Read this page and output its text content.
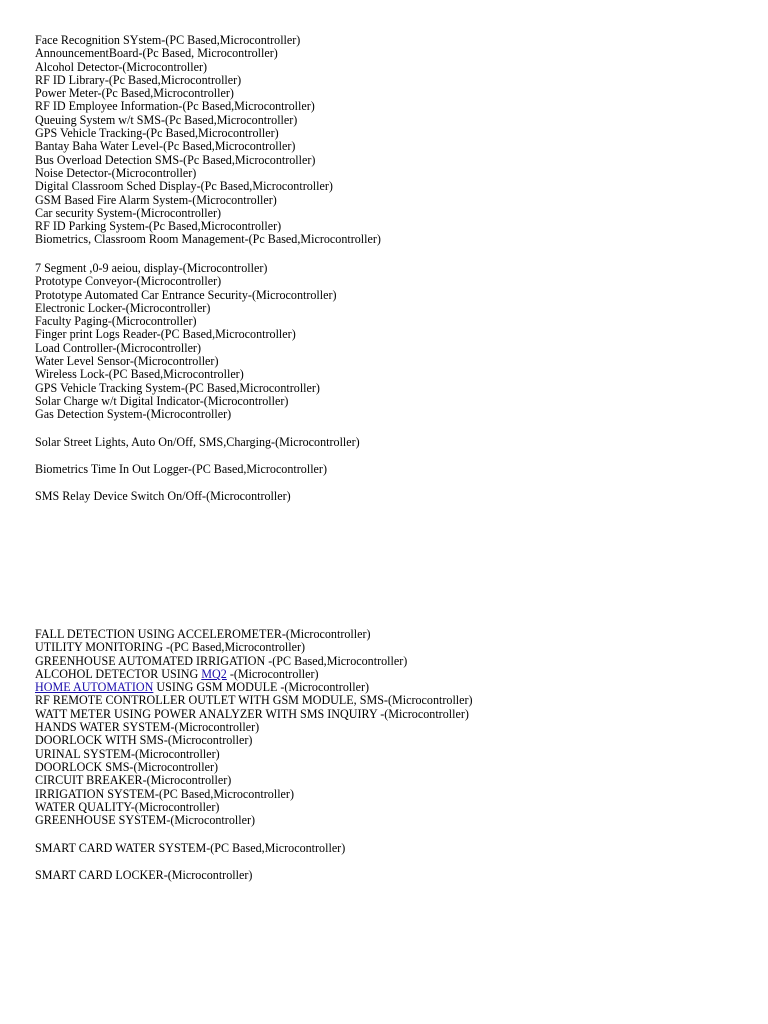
Face Recognition SYstem-(PC Based,Microcontroller)
AnnouncementBoard-(Pc Based, Microcontroller)
Alcohol Detector-(Microcontroller)
RF ID Library-(Pc Based,Microcontroller)
Power Meter-(Pc Based,Microcontroller)
RF ID Employee Information-(Pc Based,Microcontroller)
Queuing System w/t SMS-(Pc Based,Microcontroller)
GPS Vehicle Tracking-(Pc Based,Microcontroller)
Bantay Baha Water Level-(Pc Based,Microcontroller)
Bus Overload Detection SMS-(Pc Based,Microcontroller)
Noise Detector-(Microcontroller)
Digital Classroom Sched Display-(Pc Based,Microcontroller)
GSM Based Fire Alarm System-(Microcontroller)
Car security System-(Microcontroller)
RF ID Parking System-(Pc Based,Microcontroller)
Biometrics, Classroom Room Management-(Pc Based,Microcontroller)
7 Segment ,0-9 aeiou, display-(Microcontroller)
Prototype Conveyor-(Microcontroller)
Prototype Automated Car Entrance Security-(Microcontroller)
Electronic Locker-(Microcontroller)
Faculty Paging-(Microcontroller)
Finger print Logs Reader-(PC Based,Microcontroller)
Load Controller-(Microcontroller)
Water Level Sensor-(Microcontroller)
Wireless Lock-(PC Based,Microcontroller)
GPS Vehicle Tracking System-(PC Based,Microcontroller)
Solar Charge w/t Digital Indicator-(Microcontroller)
Gas Detection System-(Microcontroller)
Solar Street Lights, Auto On/Off, SMS,Charging-(Microcontroller)
Biometrics Time In Out Logger-(PC Based,Microcontroller)
SMS Relay Device Switch On/Off-(Microcontroller)
FALL DETECTION USING ACCELEROMETER-(Microcontroller)
UTILITY MONITORING -(PC Based,Microcontroller)
GREENHOUSE AUTOMATED IRRIGATION -(PC Based,Microcontroller)
ALCOHOL DETECTOR USING MQ2 -(Microcontroller)
HOME AUTOMATION USING GSM MODULE -(Microcontroller)
RF REMOTE CONTROLLER OUTLET WITH GSM MODULE, SMS-(Microcontroller)
WATT METER USING POWER ANALYZER WITH SMS INQUIRY -(Microcontroller)
HANDS WATER SYSTEM-(Microcontroller)
DOORLOCK WITH SMS-(Microcontroller)
URINAL SYSTEM-(Microcontroller)
DOORLOCK SMS-(Microcontroller)
CIRCUIT BREAKER-(Microcontroller)
IRRIGATION SYSTEM-(PC Based,Microcontroller)
WATER QUALITY-(Microcontroller)
GREENHOUSE SYSTEM-(Microcontroller)
SMART CARD WATER SYSTEM-(PC Based,Microcontroller)
SMART CARD LOCKER-(Microcontroller)
